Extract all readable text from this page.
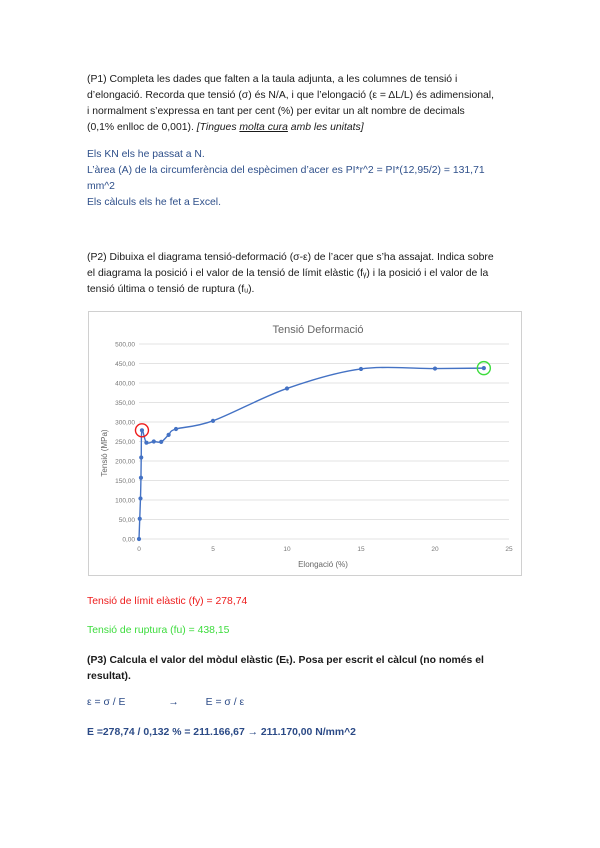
(P1) Completa les dades que falten a la taula adjunta, a les columnes de tensió i
d’elongació. Recorda que tensió (σ) és N/A, i que l’elongació (ε = ΔL/L) és adimensional,
i normalment s’expressa en tant per cent (%) per evitar un alt nombre de decimals
(0,1% enlloc de 0,001). [Tingues molta cura amb les unitats]
Els KN els he passat a N.
L’àrea (A) de la circumferència del espècimen d’acer es PI*r^2 = PI*(12,95/2) = 131,71
mm^2
Els càlculs els he fet a Excel.
(P2) Dibuixa el diagrama tensió-deformació (σ-ε) de l’acer que s’ha assajat. Indica sobre
el diagrama la posició i el valor de la tensió de límit elàstic (fᵧ) i la posició i el valor de la
tensió última o tensió de ruptura (fᵤ).
Tensió Deformació
0,00
50,00
100,00
150,00
200,00
250,00
300,00
350,00
400,00
450,00
500,00
0	5	10	15	20	25
Elongació (%)
Tensió (MPa)
Tensió de límit elàstic (fy) = 278,74
Tensió de ruptura (fu) = 438,15
(P3) Calcula el valor del mòdul elàstic (Eₜ). Posa per escrit el càlcul (no només el
resultat).
ε = σ / E	→	E = σ / ε
E =278,74 / 0,132 % = 211.166,67 → 211.170,00 N/mm^2
